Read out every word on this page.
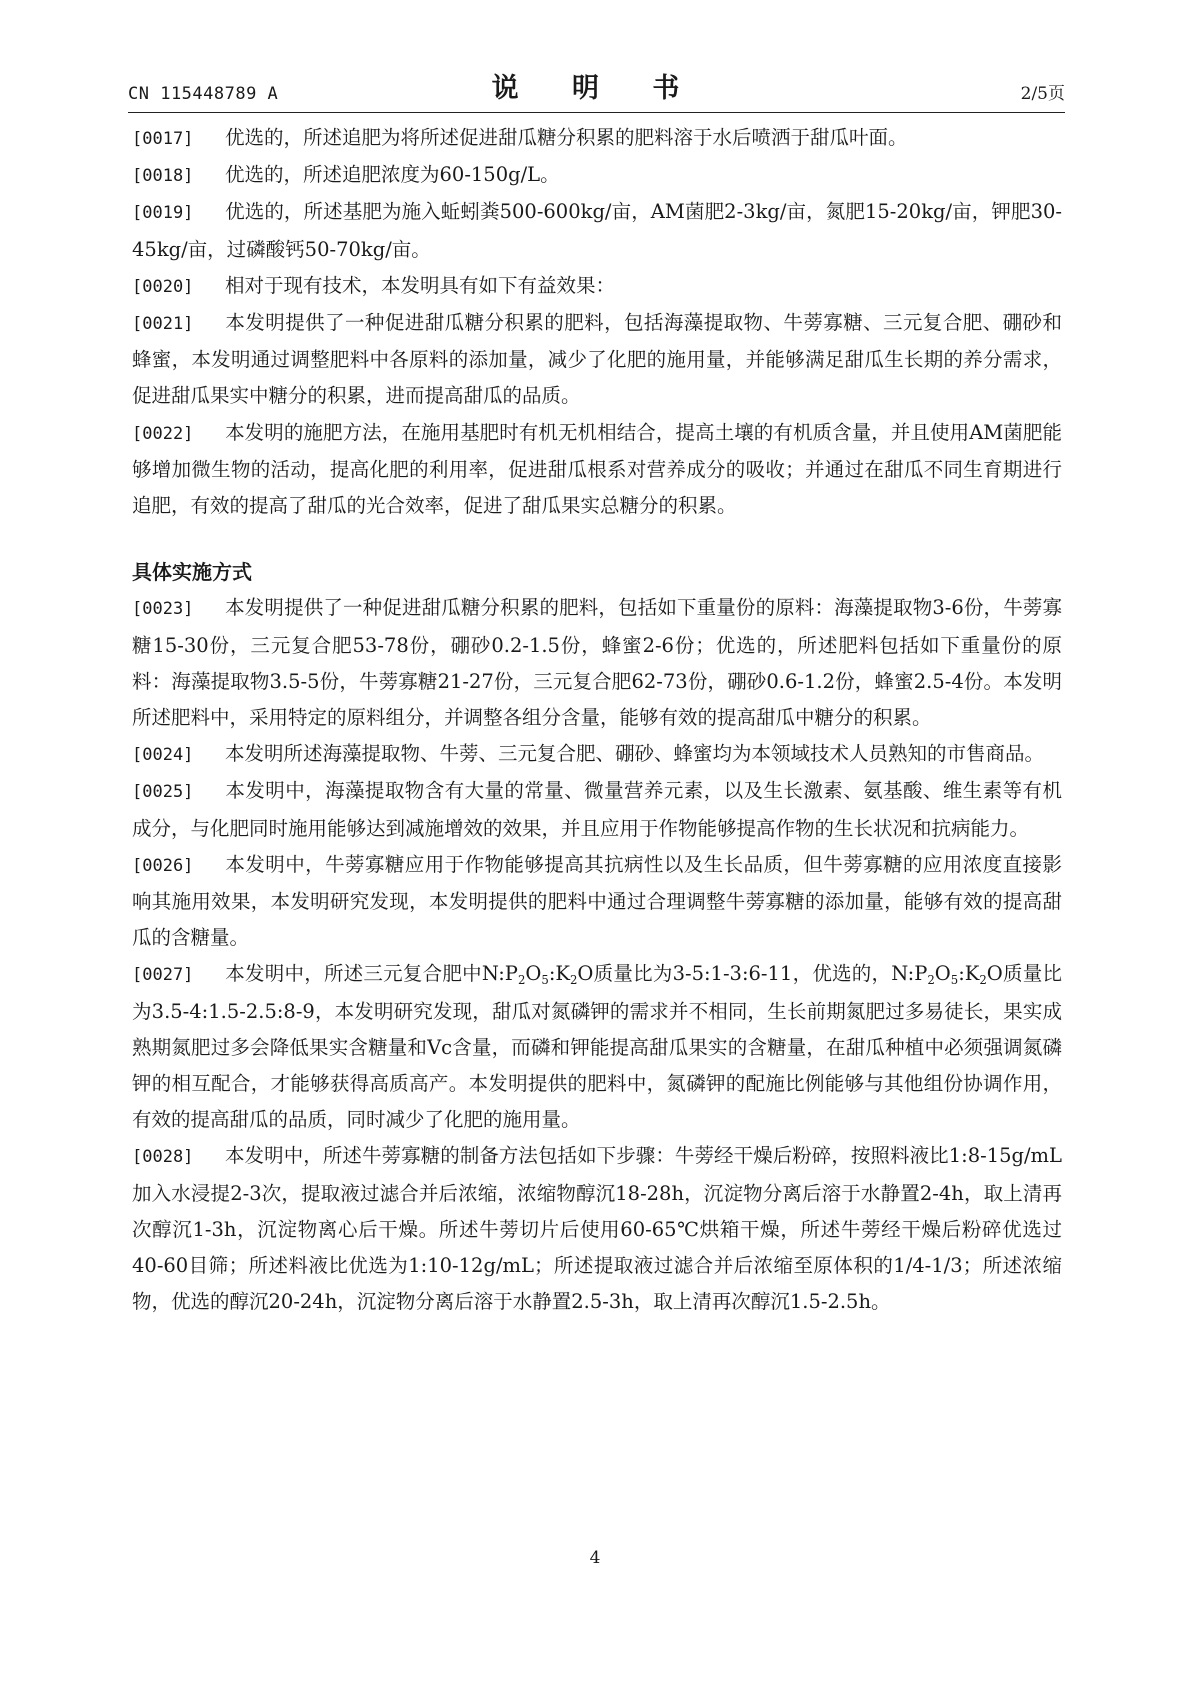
CN 115448789 A	说 明 书	2/5页

[0017] 优选的，所述追肥为将所述促进甜瓜糖分积累的肥料溶于水后喷洒于甜瓜叶面。

[0018] 优选的，所述追肥浓度为60-150g/L。

[0019] 优选的，所述基肥为施入蚯蚓粪500-600kg/亩，AM菌肥2-3kg/亩，氮肥15-20kg/亩，钾肥30-45kg/亩，过磷酸钙50-70kg/亩。

[0020] 相对于现有技术，本发明具有如下有益效果：

[0021] 本发明提供了一种促进甜瓜糖分积累的肥料，包括海藻提取物、牛蒡寡糖、三元复合肥、硼砂和蜂蜜，本发明通过调整肥料中各原料的添加量，减少了化肥的施用量，并能够满足甜瓜生长期的养分需求，促进甜瓜果实中糖分的积累，进而提高甜瓜的品质。

[0022] 本发明的施肥方法，在施用基肥时有机无机相结合，提高土壤的有机质含量，并且使用AM菌肥能够增加微生物的活动，提高化肥的利用率，促进甜瓜根系对营养成分的吸收；并通过在甜瓜不同生育期进行追肥，有效的提高了甜瓜的光合效率，促进了甜瓜果实总糖分的积累。

具体实施方式

[0023] 本发明提供了一种促进甜瓜糖分积累的肥料，包括如下重量份的原料：海藻提取物3-6份，牛蒡寡糖15-30份，三元复合肥53-78份，硼砂0.2-1.5份，蜂蜜2-6份；优选的，所述肥料包括如下重量份的原料：海藻提取物3.5-5份，牛蒡寡糖21-27份，三元复合肥62-73份，硼砂0.6-1.2份，蜂蜜2.5-4份。本发明所述肥料中，采用特定的原料组分，并调整各组分含量，能够有效的提高甜瓜中糖分的积累。

[0024] 本发明所述海藻提取物、牛蒡、三元复合肥、硼砂、蜂蜜均为本领域技术人员熟知的市售商品。

[0025] 本发明中，海藻提取物含有大量的常量、微量营养元素，以及生长激素、氨基酸、维生素等有机成分，与化肥同时施用能够达到减施增效的效果，并且应用于作物能够提高作物的生长状况和抗病能力。

[0026] 本发明中，牛蒡寡糖应用于作物能够提高其抗病性以及生长品质，但牛蒡寡糖的应用浓度直接影响其施用效果，本发明研究发现，本发明提供的肥料中通过合理调整牛蒡寡糖的添加量，能够有效的提高甜瓜的含糖量。

[0027] 本发明中，所述三元复合肥中$N:P_2O_5:K_2O$质量比为3-5:1-3:6-11，优选的，$N:P_2O_5:K_2O$质量比为3.5-4:1.5-2.5:8-9，本发明研究发现，甜瓜对氮磷钾的需求并不相同，生长前期氮肥过多易徒长，果实成熟期氮肥过多会降低果实含糖量和Vc含量，而磷和钾能提高甜瓜果实的含糖量，在甜瓜种植中必须强调氮磷钾的相互配合，才能够获得高质高产。本发明提供的肥料中，氮磷钾的配施比例能够与其他组份协调作用，有效的提高甜瓜的品质，同时减少了化肥的施用量。

[0028] 本发明中，所述牛蒡寡糖的制备方法包括如下步骤：牛蒡经干燥后粉碎，按照料液比1:8-15g/mL加入水浸提2-3次，提取液过滤合并后浓缩，浓缩物醇沉18-28h，沉淀物分离后溶于水静置2-4h，取上清再次醇沉1-3h，沉淀物离心后干燥。所述牛蒡切片后使用60-65℃烘箱干燥，所述牛蒡经干燥后粉碎优选过40-60目筛；所述料液比优选为1:10-12g/mL；所述提取液过滤合并后浓缩至原体积的1/4-1/3；所述浓缩物，优选的醇沉20-24h，沉淀物分离后溶于水静置2.5-3h，取上清再次醇沉1.5-2.5h。

4
